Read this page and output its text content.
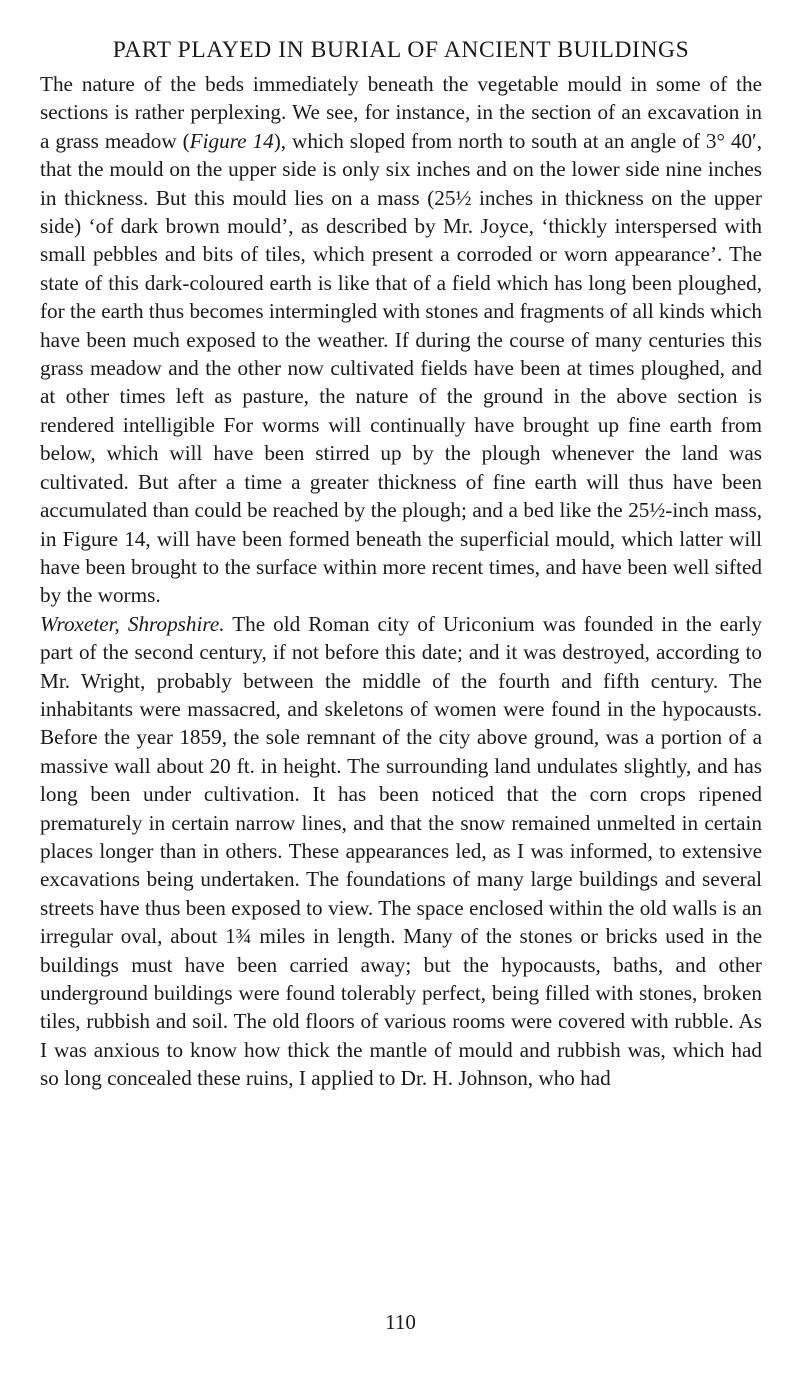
PART PLAYED IN BURIAL OF ANCIENT BUILDINGS

The nature of the beds immediately beneath the vegetable mould in some of the sections is rather perplexing. We see, for instance, in the section of an excavation in a grass meadow (Figure 14), which sloped from north to south at an angle of 3° 40′, that the mould on the upper side is only six inches and on the lower side nine inches in thickness. But this mould lies on a mass (25½ inches in thickness on the upper side) ‘of dark brown mould’, as described by Mr. Joyce, ‘thickly interspersed with small pebbles and bits of tiles, which present a corroded or worn appearance’. The state of this dark-coloured earth is like that of a field which has long been ploughed, for the earth thus becomes intermingled with stones and fragments of all kinds which have been much exposed to the weather. If during the course of many centuries this grass meadow and the other now cultivated fields have been at times ploughed, and at other times left as pasture, the nature of the ground in the above section is rendered intelligible For worms will continually have brought up fine earth from below, which will have been stirred up by the plough whenever the land was cultivated. But after a time a greater thickness of fine earth will thus have been accumulated than could be reached by the plough; and a bed like the 25½-inch mass, in Figure 14, will have been formed beneath the superficial mould, which latter will have been brought to the surface within more recent times, and have been well sifted by the worms.

Wroxeter, Shropshire. The old Roman city of Uriconium was founded in the early part of the second century, if not before this date; and it was destroyed, according to Mr. Wright, probably between the middle of the fourth and fifth century. The inhabitants were massacred, and skeletons of women were found in the hypocausts. Before the year 1859, the sole remnant of the city above ground, was a portion of a massive wall about 20 ft. in height. The surrounding land undulates slightly, and has long been under cultivation. It has been noticed that the corn crops ripened prematurely in certain narrow lines, and that the snow remained unmelted in certain places longer than in others. These appearances led, as I was informed, to extensive excavations being undertaken. The foundations of many large buildings and several streets have thus been exposed to view. The space enclosed within the old walls is an irregular oval, about 1¾ miles in length. Many of the stones or bricks used in the buildings must have been carried away; but the hypocausts, baths, and other underground buildings were found tolerably perfect, being filled with stones, broken tiles, rubbish and soil. The old floors of various rooms were covered with rubble. As I was anxious to know how thick the mantle of mould and rubbish was, which had so long concealed these ruins, I applied to Dr. H. Johnson, who had

110
